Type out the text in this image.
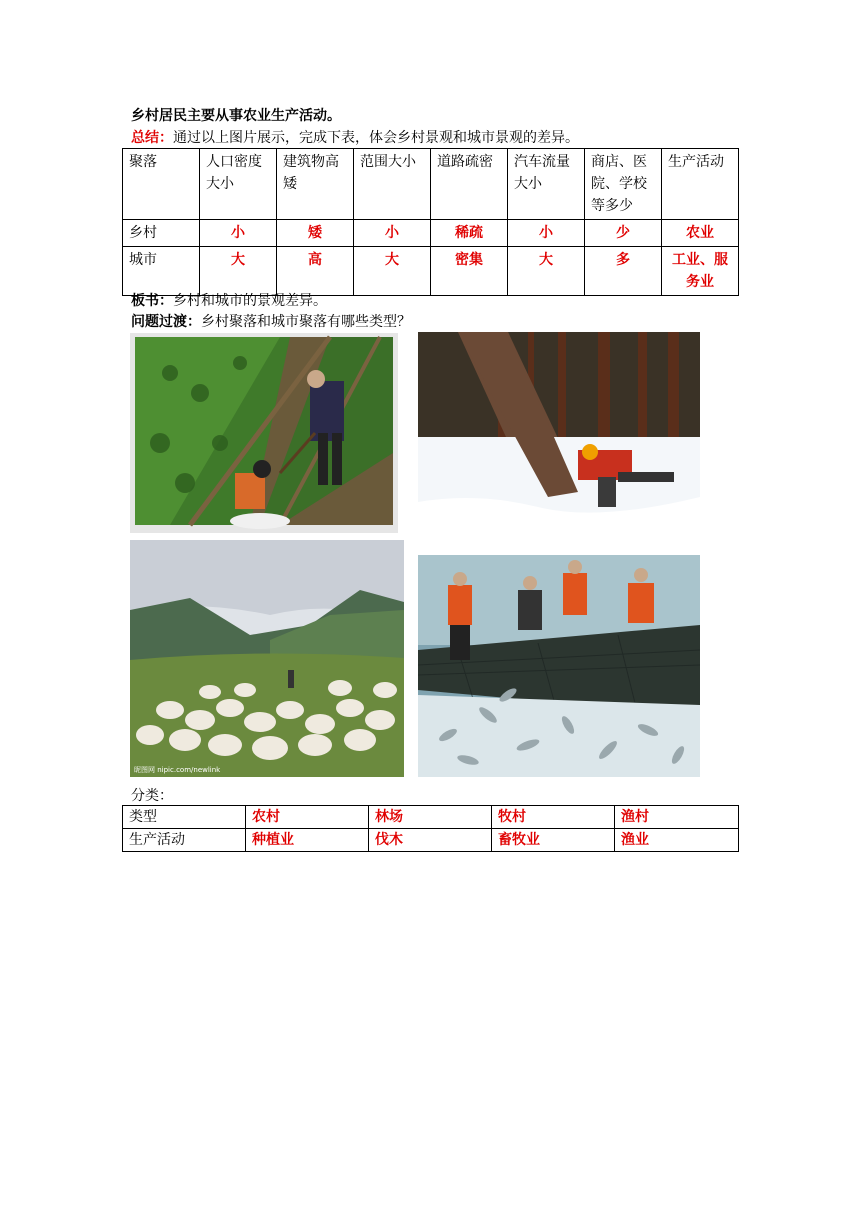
乡村居民主要从事农业生产活动。
总结：通过以上图片展示，完成下表，体会乡村景观和城市景观的差异。
聚落	人口密度大小	建筑物高矮	范围大小	道路疏密	汽车流量大小	商店、医院、学校等多少	生产活动
乡村	小	矮	小	稀疏	小	少	农业
城市	大	高	大	密集	大	多	工业、服务业
板书：乡村和城市的景观差异。
问题过渡：乡村聚落和城市聚落有哪些类型？
昵图网 nipic.com/newlink
分类：
类型	农村	林场	牧村	渔村
生产活动	种植业	伐木	畜牧业	渔业
